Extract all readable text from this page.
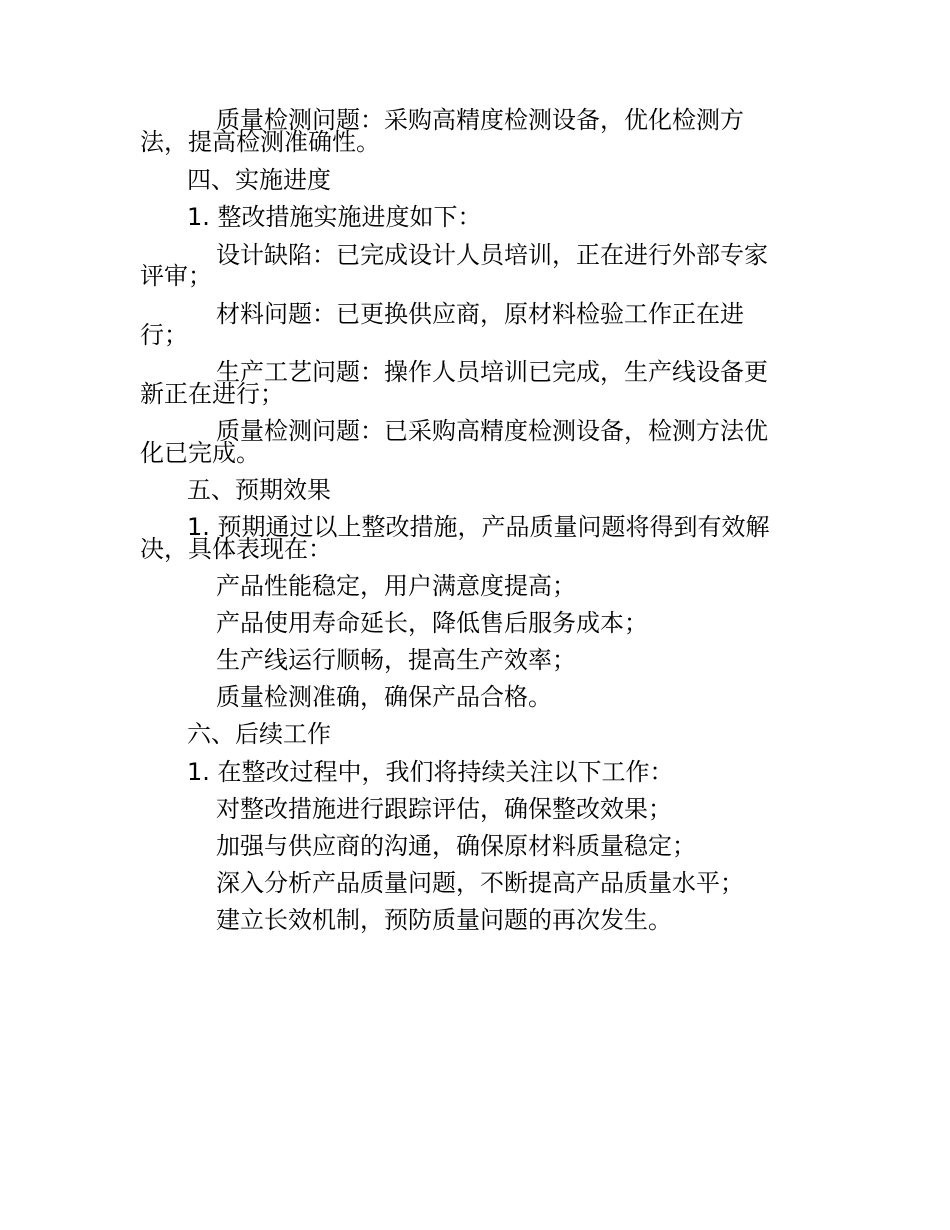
质量检测问题：采购高精度检测设备，优化检测方
法，提高检测准确性。
四、实施进度
1. 整改措施实施进度如下：
设计缺陷：已完成设计人员培训，正在进行外部专家
评审；
材料问题：已更换供应商，原材料检验工作正在进
行；
生产工艺问题：操作人员培训已完成，生产线设备更
新正在进行；
质量检测问题：已采购高精度检测设备，检测方法优
化已完成。
五、预期效果
1. 预期通过以上整改措施，产品质量问题将得到有效解
决，具体表现在：
产品性能稳定，用户满意度提高；
产品使用寿命延长，降低售后服务成本；
生产线运行顺畅，提高生产效率；
质量检测准确，确保产品合格。
六、后续工作
1. 在整改过程中，我们将持续关注以下工作：
对整改措施进行跟踪评估，确保整改效果；
加强与供应商的沟通，确保原材料质量稳定；
深入分析产品质量问题，不断提高产品质量水平；
建立长效机制，预防质量问题的再次发生。
